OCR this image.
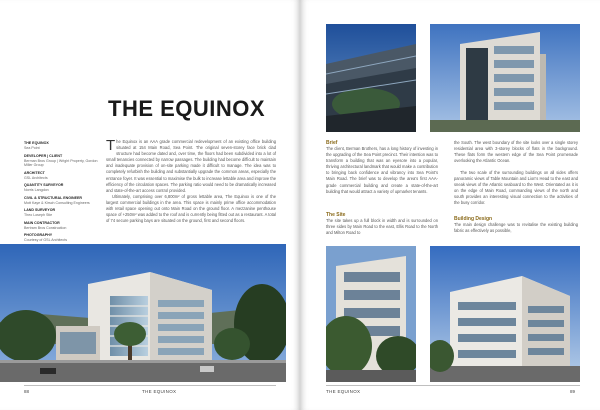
THE EQUINOX
THE EQUINOX
Sea Point
DEVELOPER | CLIENT
Berman Bros Group | Wright Property, Gordon Miller Group
ARCHITECT
GSL Architects
QUANTITY SURVEYOR
Norris Langdon
CIVIL & STRUCTURAL ENGINEER
Mott Kaye & Kirsch Consulting Engineers
LAND SURVEYOR
Theo Loseph Stie
MAIN CONTRACTOR
Bertram Bros Construction
PHOTOGRAPHY
Courtesy of GSL Architects

The Equinox is an AAA grade commercial redevelopment of an existing office building situated at 154 Main Road, Sea Point. The original seven-storey face brick clad structure had become dated and, over time, the floors had been subdivided into a lot of small tenancies connected by narrow passages. The building had become difficult to maintain and inadequate provision of on-site parking made it difficult to manage. The idea was to completely refurbish the building and substantially upgrade the common areas, especially the entrance foyer. It was essential to maximise the bulk to increase lettable area and improve the efficiency of the circulation spaces. The parking ratio would need to be dramatically increased and state-of-the-art access control provided.

Ultimately, comprising over 6,800m² of gross lettable area, The Equinox is one of the largest commercial buildings in the area. This space is mainly prime office accommodation with retail space opening out onto Main Road on the ground floor. A mezzanine penthouse space of +250m² was added to the roof and is currently being fitted out as a restaurant. A total of 74 secure parking bays are situated on the ground, first and second floors.

88	THE EQUINOX
Brief

The client, Berman Brothers, has a long history of investing in the upgrading of the Sea Point precinct. Their intention was to transform a building that was an eyesore into a popular, thriving architectural landmark that would make a contribution to bringing back confidence and vibrancy into Sea Point's Main Road. The brief was to develop the area's first AAA-grade commercial building and create a state-of-the-art building that would attract a variety of upmarket tenants.

The Site

The site takes up a full block in width and is surrounded on three sides by Main Road to the east, Ellis Road to the North and Milton Road to

the South. The west boundary of the site looks over a single storey residential area with 3-storey blocks of flats in the background. These flats form the western edge of the Sea Point promenade overlooking the Atlantic Ocean.

The two scale of the surrounding buildings on all sides offers panoramic views of Table Mountain and Lion's Head to the east and sneak views of the Atlantic seaboard to the West. Orientated as it is on the edge of Main Road, commanding views of the north and south provides an interesting visual connection to the activities of the busy corridor.

Building Design

The main design challenge was to revitalise the existing building fabric as effectively as possible,

THE EQUINOX	89
